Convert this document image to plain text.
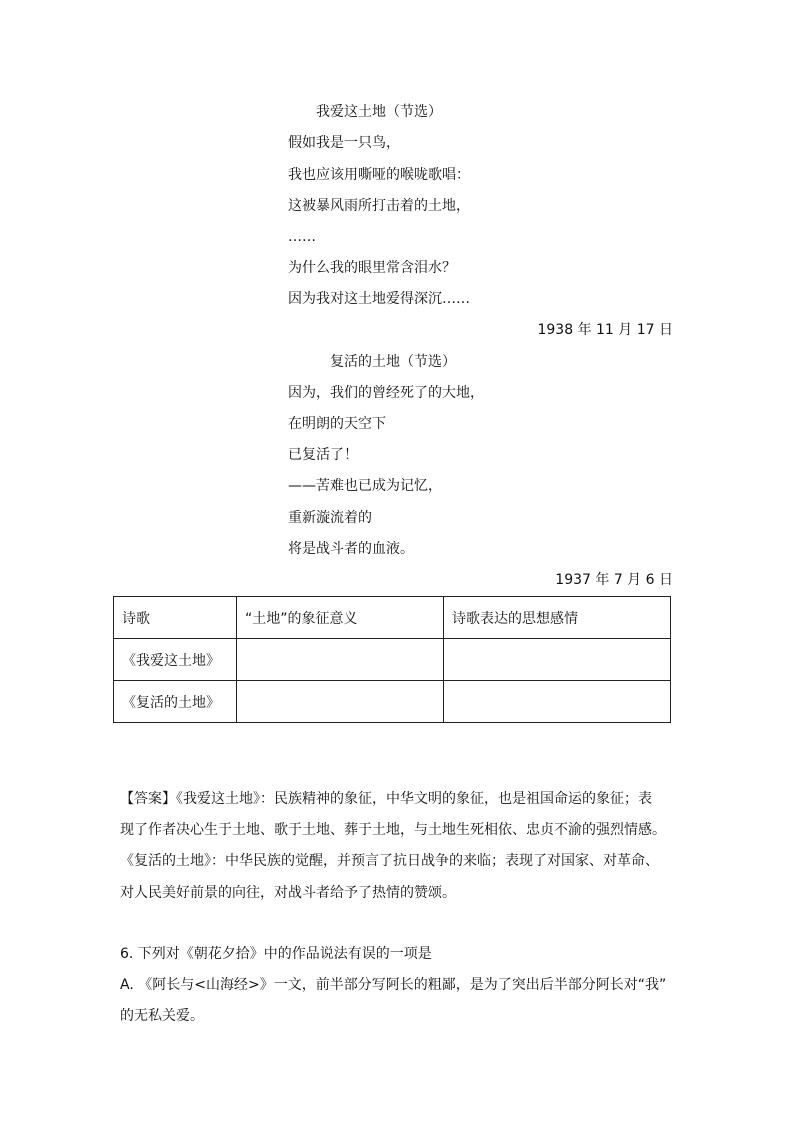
我爱这土地（节选）
假如我是一只鸟，
我也应该用嘶哑的喉咙歌唱：
这被暴风雨所打击着的土地，
……
为什么我的眼里常含泪水？
因为我对这土地爱得深沉……
1938 年 11 月 17 日
复活的土地（节选）
因为，我们的曾经死了的大地，
在明朗的天空下
已复活了！
——苦难也已成为记忆，
重新漩流着的
将是战斗者的血液。
1937 年 7 月 6 日
诗歌	“土地”的象征意义	诗歌表达的思想感情
《我爱这土地》		
《复活的土地》		
【答案】《我爱这土地》：民族精神的象征，中华文明的象征，也是祖国命运的象征；表
现了作者决心生于土地、歌于土地、葬于土地，与土地生死相依、忠贞不渝的强烈情感。
《复活的土地》：中华民族的觉醒，并预言了抗日战争的来临；表现了对国家、对革命、
对人民美好前景的向往，对战斗者给予了热情的赞颂。
6. 下列对《朝花夕拾》中的作品说法有误的一项是
A. 《阿长与<山海经>》一文，前半部分写阿长的粗鄙，是为了突出后半部分阿长对“我”
的无私关爱。
